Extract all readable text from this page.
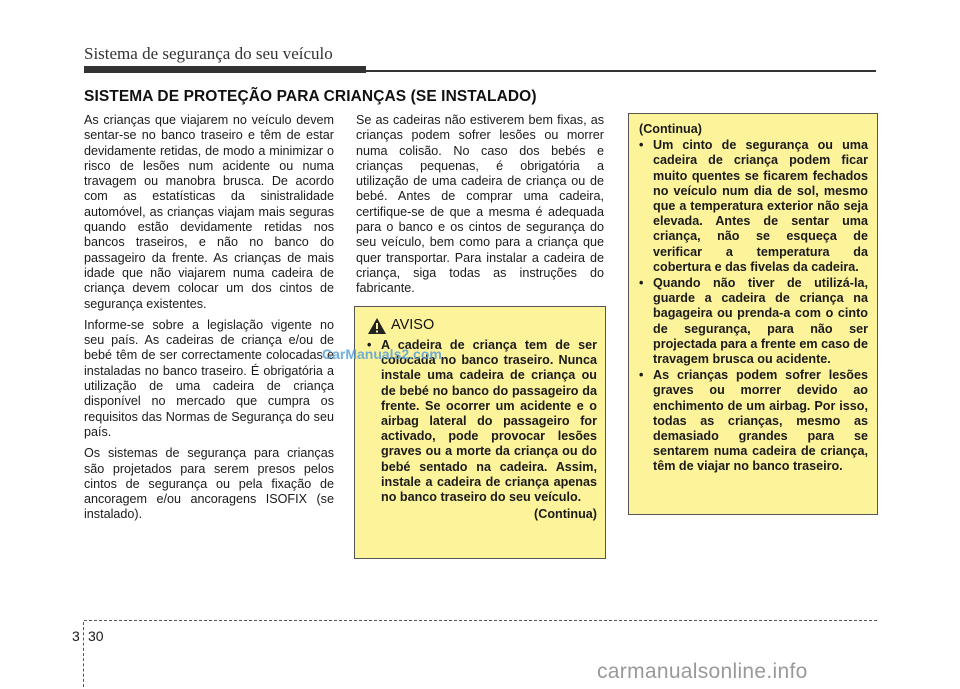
Sistema de segurança do seu veículo
SISTEMA DE PROTEÇÃO PARA CRIANÇAS (SE INSTALADO)

As crianças que viajarem no veículo devem sentar-se no banco traseiro e têm de estar devidamente retidas, de modo a minimizar o risco de lesões num acidente ou numa travagem ou manobra brusca. De acordo com as estatísticas da sinistralidade automóvel, as crianças viajam mais seguras quando estão devidamente retidas nos bancos traseiros, e não no banco do passageiro da frente. As crianças de mais idade que não viajarem numa cadeira de criança devem colocar um dos cintos de segurança existentes.

Informe-se sobre a legislação vigente no seu país. As cadeiras de criança e/ou de bebé têm de ser correctamente colocadas e instaladas no banco traseiro. É obrigatória a utilização de uma cadeira de criança disponível no mercado que cumpra os requisitos das Normas de Segurança do seu país.

Os sistemas de segurança para crianças são projetados para serem presos pelos cintos de segurança ou pela fixação de ancoragem e/ou ancoragens ISOFIX (se instalado).

Se as cadeiras não estiverem bem fixas, as crianças podem sofrer lesões ou morrer numa colisão. No caso dos bebés e crianças pequenas, é obrigatória a utilização de uma cadeira de criança ou de bebé. Antes de comprar uma cadeira, certifique-se de que a mesma é adequada para o banco e os cintos de segurança do seu veículo, bem como para a criança que quer transportar. Para instalar a cadeira de criança, siga todas as instruções do fabricante.

AVISO
• A cadeira de criança tem de ser colocada no banco traseiro. Nunca instale uma cadeira de criança ou de bebé no banco do passageiro da frente. Se ocorrer um acidente e o airbag lateral do passageiro for activado, pode provocar lesões graves ou a morte da criança ou do bebé sentado na cadeira. Assim, instale a cadeira de criança apenas no banco traseiro do seu veículo.
(Continua)
(Continua)
• Um cinto de segurança ou uma cadeira de criança podem ficar muito quentes se ficarem fechados no veículo num dia de sol, mesmo que a temperatura exterior não seja elevada. Antes de sentar uma criança, não se esqueça de verificar a temperatura da cobertura e das fivelas da cadeira.
• Quando não tiver de utilizá-la, guarde a cadeira de criança na bagageira ou prenda-a com o cinto de segurança, para não ser projectada para a frente em caso de travagem brusca ou acidente.
• As crianças podem sofrer lesões graves ou morrer devido ao enchimento de um airbag. Por isso, todas as crianças, mesmo as demasiado grandes para se sentarem numa cadeira de criança, têm de viajar no banco traseiro.
CarManuals2.com
3 30
carmanualsonline.info
